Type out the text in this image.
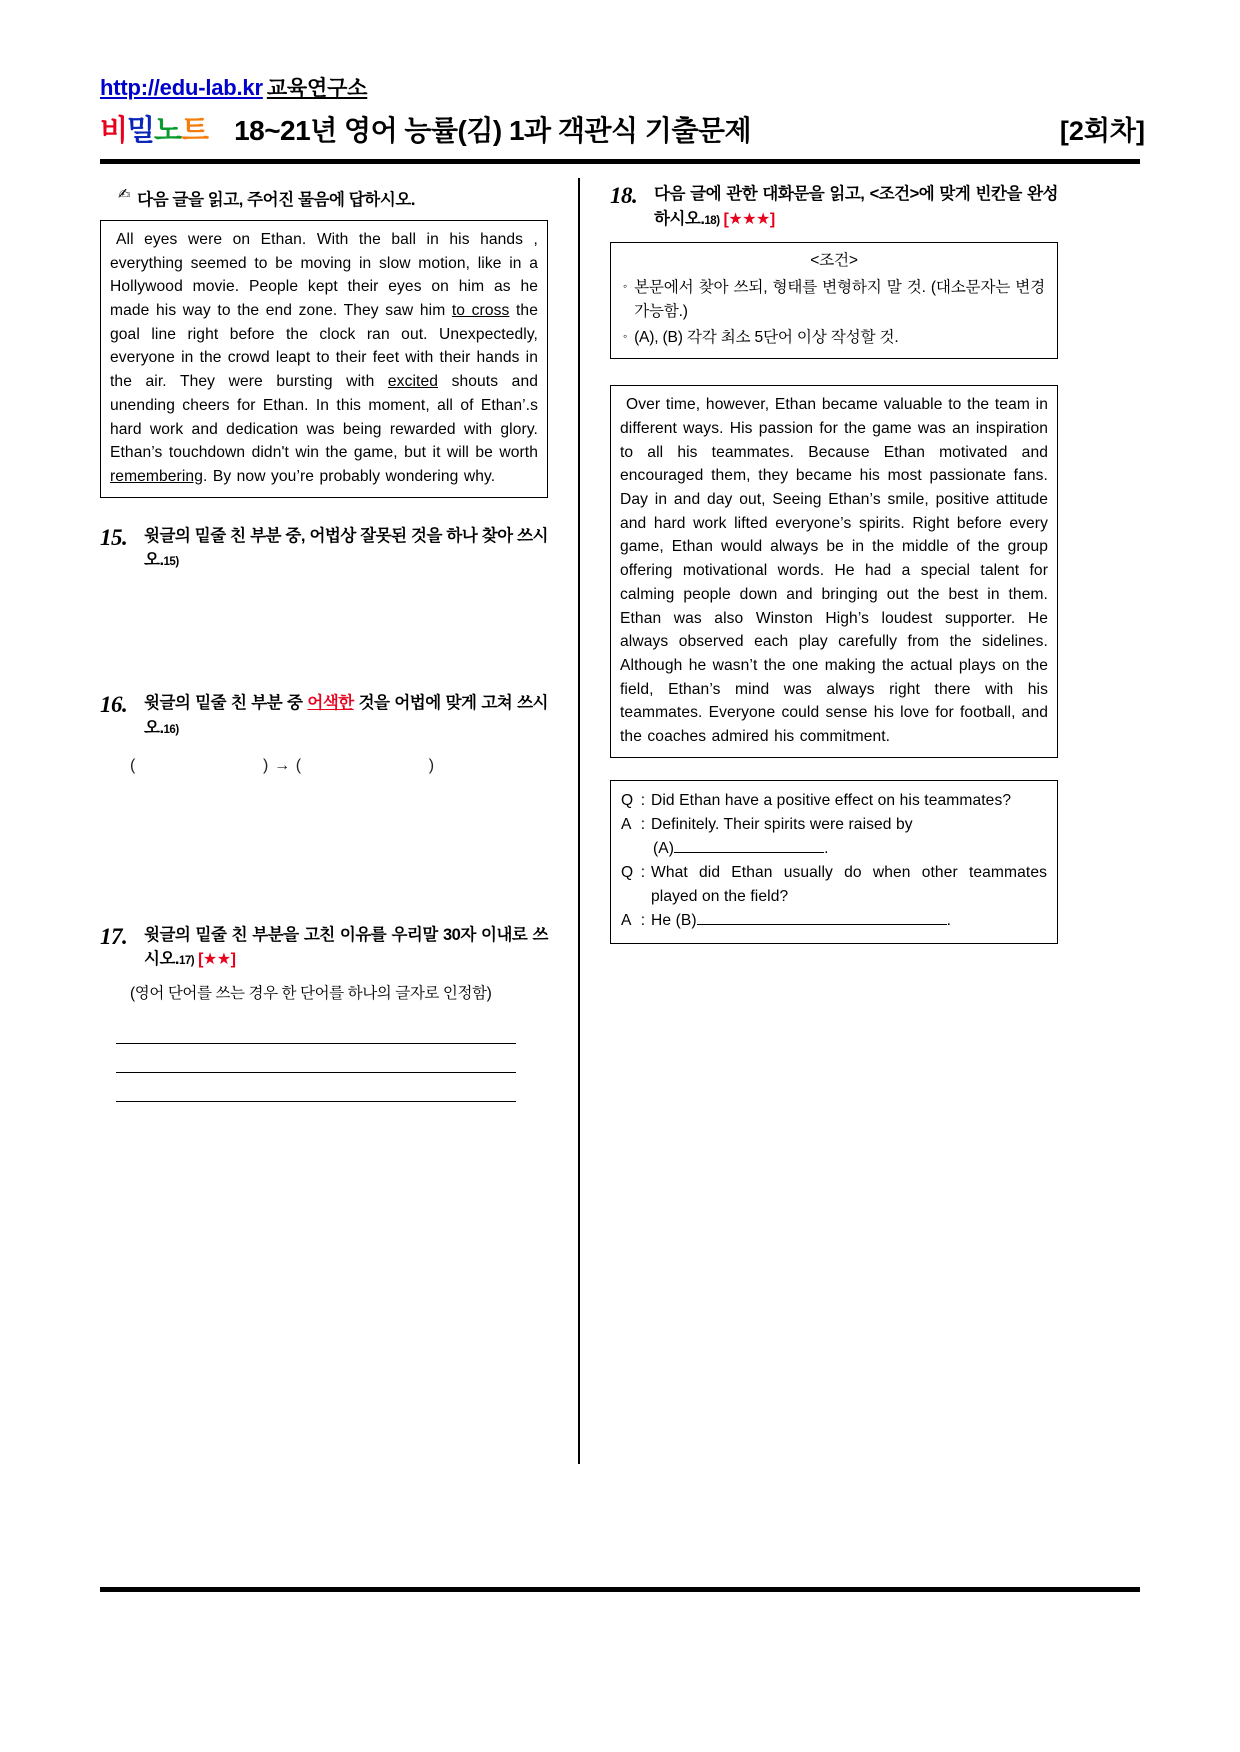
http://edu-lab.kr 교육연구소
비밀노트 18~21년 영어 능률(김) 1과 객관식 기출문제	[2회차]
✍ 다음 글을 읽고, 주어진 물음에 답하시오.
All eyes were on Ethan. With the ball in his hands , everything seemed to be moving in slow motion, like in a Hollywood movie. People kept their eyes on him as he made his way to the end zone. They saw him to cross the goal line right before the clock ran out. Unexpectedly, everyone in the crowd leapt to their feet with their hands in the air. They were bursting with excited shouts and unending cheers for Ethan. In this moment, all of Ethan’.s hard work and dedication was being rewarded with glory. Ethan’s touchdown didn't win the game, but it will be worth remembering. By now you’re probably wondering why.
15.	윗글의 밑줄 친 부분 중, 어법상 잘못된 것을 하나 찾아 쓰시오.15)
16.	윗글의 밑줄 친 부분 중 어색한 것을 어법에 맞게 고쳐 쓰시오.16)
(	) → (	)
17.	윗글의 밑줄 친 부분을 고친 이유를 우리말 30자 이내로 쓰시오.17) [★★]
(영어 단어를 쓰는 경우 한 단어를 하나의 글자로 인정함)
18.	다음 글에 관한 대화문을 읽고, <조건>에 맞게 빈칸을 완성하시오.18) [★★★]
<조건>
◦ 본문에서 찾아 쓰되, 형태를 변형하지 말 것. (대소문자는 변경 가능함.)
◦ (A), (B) 각각 최소 5단어 이상 작성할 것.
Over time, however, Ethan became valuable to the team in different ways. His passion for the game was an inspiration to all his teammates. Because Ethan motivated and encouraged them, they became his most passionate fans. Day in and day out, Seeing Ethan’s smile, positive attitude and hard work lifted everyone’s spirits. Right before every game, Ethan would always be in the middle of the group offering motivational words. He had a special talent for calming people down and bringing out the best in them. Ethan was also Winston High’s loudest supporter. He always observed each play carefully from the sidelines. Although he wasn’t the one making the actual plays on the field, Ethan’s mind was always right there with his teammates. Everyone could sense his love for football, and the coaches admired his commitment.
Q : Did Ethan have a positive effect on his teammates?
A : Definitely. Their spirits were raised by
(A)	.
Q : What did Ethan usually do when other teammates played on the field?
A : He (B)	.
